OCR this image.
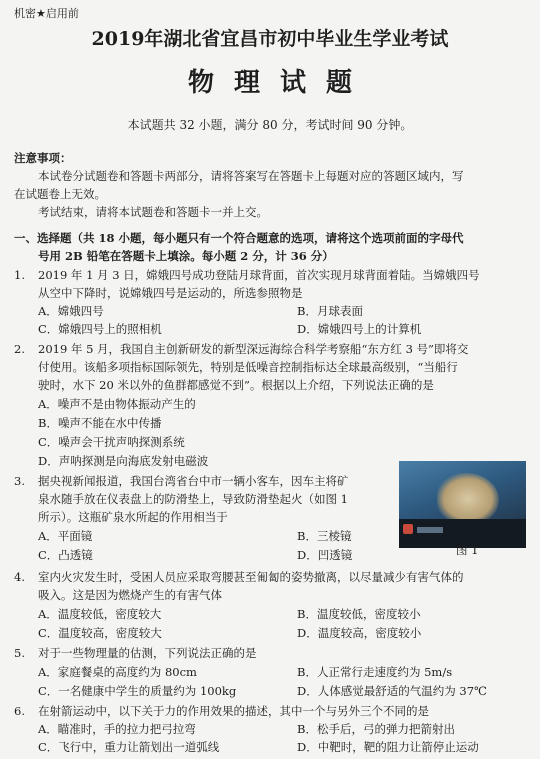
机密★启用前
2019年湖北省宜昌市初中毕业生学业考试
物理试题
本试题共 32 小题，满分 80 分，考试时间 90 分钟。
注意事项：
本试卷分试题卷和答题卡两部分，请将答案写在答题卡上每题对应的答题区域内，写
在试题卷上无效。
考试结束，请将本试题卷和答题卡一并上交。
一、选择题（共 18 小题，每小题只有一个符合题意的选项，请将这个选项前面的字母代
号用 2B 铅笔在答题卡上填涂。每小题 2 分，计 36 分）
1. 2019 年 1 月 3 日，嫦娥四号成功登陆月球背面，首次实现月球背面着陆。当嫦娥四号
从空中下降时，说嫦娥四号是运动的，所选参照物是
A．嫦娥四号	B．月球表面
C．嫦娥四号上的照相机	D．嫦娥四号上的计算机
2. 2019 年 5 月，我国自主创新研发的新型深远海综合科学考察船“东方红 3 号”即将交
付使用。该船多项指标国际领先，特别是低噪音控制指标达全球最高级别，“当船行
驶时，水下 20 米以外的鱼群都感觉不到”。根据以上介绍，下列说法正确的是
A．噪声不是由物体振动产生的
B．噪声不能在水中传播
C．噪声会干扰声呐探测系统
D．声呐探测是向海底发射电磁波
3. 据央视新闻报道，我国台湾省台中市一辆小客车，因车主将矿
泉水随手放在仪表盘上的防滑垫上，导致防滑垫起火（如图 1
所示）。这瓶矿泉水所起的作用相当于
A．平面镜	B．三棱镜
C．凸透镜	D．凹透镜	图 1
4. 室内火灾发生时，受困人员应采取弯腰甚至匍匐的姿势撤离，以尽量减少有害气体的
吸入。这是因为燃烧产生的有害气体
A．温度较低，密度较大	B．温度较低，密度较小
C．温度较高，密度较大	D．温度较高，密度较小
5. 对于一些物理量的估测，下列说法正确的是
A．家庭餐桌的高度约为 80cm	B．人正常行走速度约为 5m/s
C．一名健康中学生的质量约为 100kg	D．人体感觉最舒适的气温约为 37℃
6. 在射箭运动中，以下关于力的作用效果的描述，其中一个与另外三个不同的是
A．瞄准时，手的拉力把弓拉弯	B．松手后，弓的弹力把箭射出
C．飞行中，重力让箭划出一道弧线	D．中靶时，靶的阻力让箭停止运动
